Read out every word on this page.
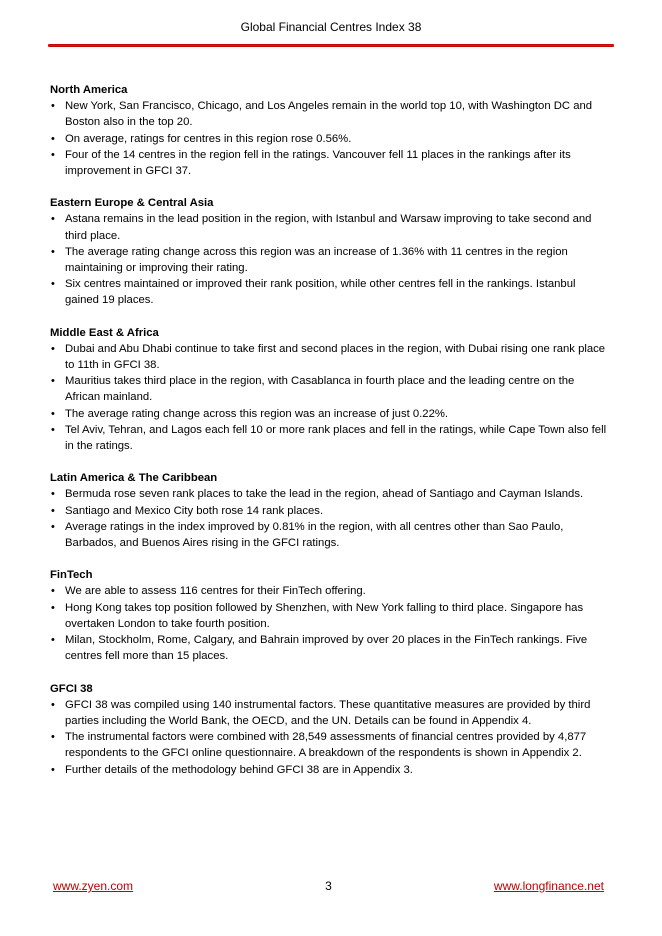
Global Financial Centres Index 38

North America

• New York, San Francisco, Chicago, and Los Angeles remain in the world top 10, with Washington DC and Boston also in the top 20.
• On average, ratings for centres in this region rose 0.56%.
• Four of the 14 centres in the region fell in the ratings. Vancouver fell 11 places in the rankings after its improvement in GFCI 37.

Eastern Europe & Central Asia

• Astana remains in the lead position in the region, with Istanbul and Warsaw improving to take second and third place.
• The average rating change across this region was an increase of 1.36% with 11 centres in the region maintaining or improving their rating.
• Six centres maintained or improved their rank position, while other centres fell in the rankings. Istanbul gained 19 places.

Middle East & Africa

• Dubai and Abu Dhabi continue to take first and second places in the region, with Dubai rising one rank place to 11th in GFCI 38.
• Mauritius takes third place in the region, with Casablanca in fourth place and the leading centre on the African mainland.
• The average rating change across this region was an increase of just 0.22%.
• Tel Aviv, Tehran, and Lagos each fell 10 or more rank places and fell in the ratings, while Cape Town also fell in the ratings.

Latin America & The Caribbean

• Bermuda rose seven rank places to take the lead in the region, ahead of Santiago and Cayman Islands.
• Santiago and Mexico City both rose 14 rank places.
• Average ratings in the index improved by 0.81% in the region, with all centres other than Sao Paulo, Barbados, and Buenos Aires rising in the GFCI ratings.

FinTech

• We are able to assess 116 centres for their FinTech offering.
• Hong Kong takes top position followed by Shenzhen, with New York falling to third place. Singapore has overtaken London to take fourth position.
• Milan, Stockholm, Rome, Calgary, and Bahrain improved by over 20 places in the FinTech rankings. Five centres fell more than 15 places.

GFCI 38

• GFCI 38 was compiled using 140 instrumental factors. These quantitative measures are provided by third parties including the World Bank, the OECD, and the UN. Details can be found in Appendix 4.
• The instrumental factors were combined with 28,549 assessments of financial centres provided by 4,877 respondents to the GFCI online questionnaire. A breakdown of the respondents is shown in Appendix 2.
• Further details of the methodology behind GFCI 38 are in Appendix 3.
www.zyen.com	3	www.longfinance.net
